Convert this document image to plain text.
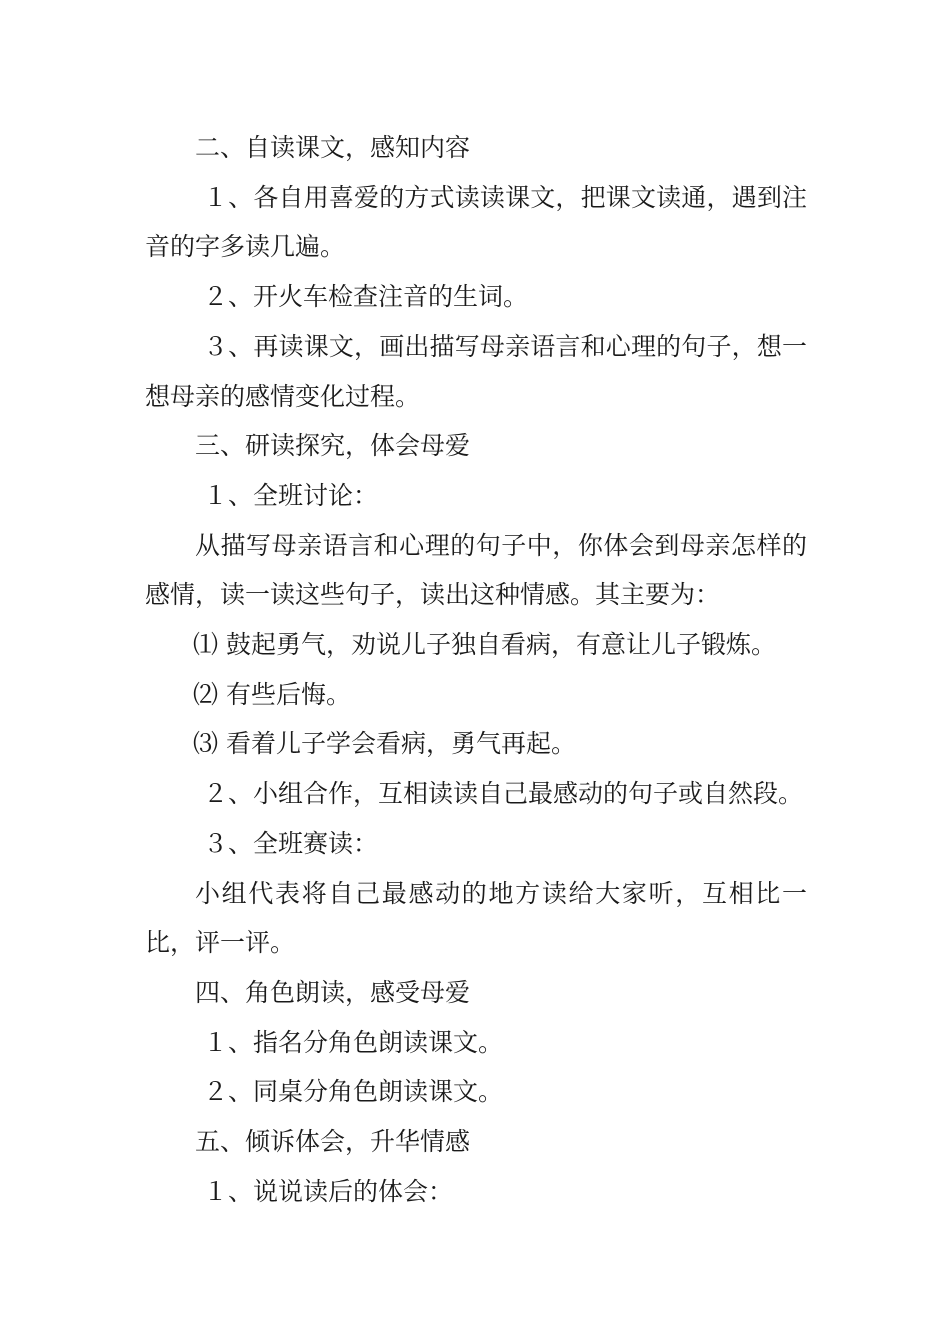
二、自读课文，感知内容

１、各自用喜爱的方式读读课文，把课文读通，遇到注音的字多读几遍。

２、开火车检查注音的生词。

３、再读课文，画出描写母亲语言和心理的句子，想一想母亲的感情变化过程。

三、研读探究，体会母爱

１、全班讨论：

从描写母亲语言和心理的句子中，你体会到母亲怎样的感情，读一读这些句子，读出这种情感。其主要为：

⑴ 鼓起勇气，劝说儿子独自看病，有意让儿子锻炼。

⑵ 有些后悔。

⑶ 看着儿子学会看病，勇气再起。

２、小组合作，互相读读自己最感动的句子或自然段。

３、全班赛读：

小组代表将自己最感动的地方读给大家听，互相比一比，评一评。

四、角色朗读，感受母爱

１、指名分角色朗读课文。

２、同桌分角色朗读课文。

五、倾诉体会，升华情感

１、说说读后的体会：
